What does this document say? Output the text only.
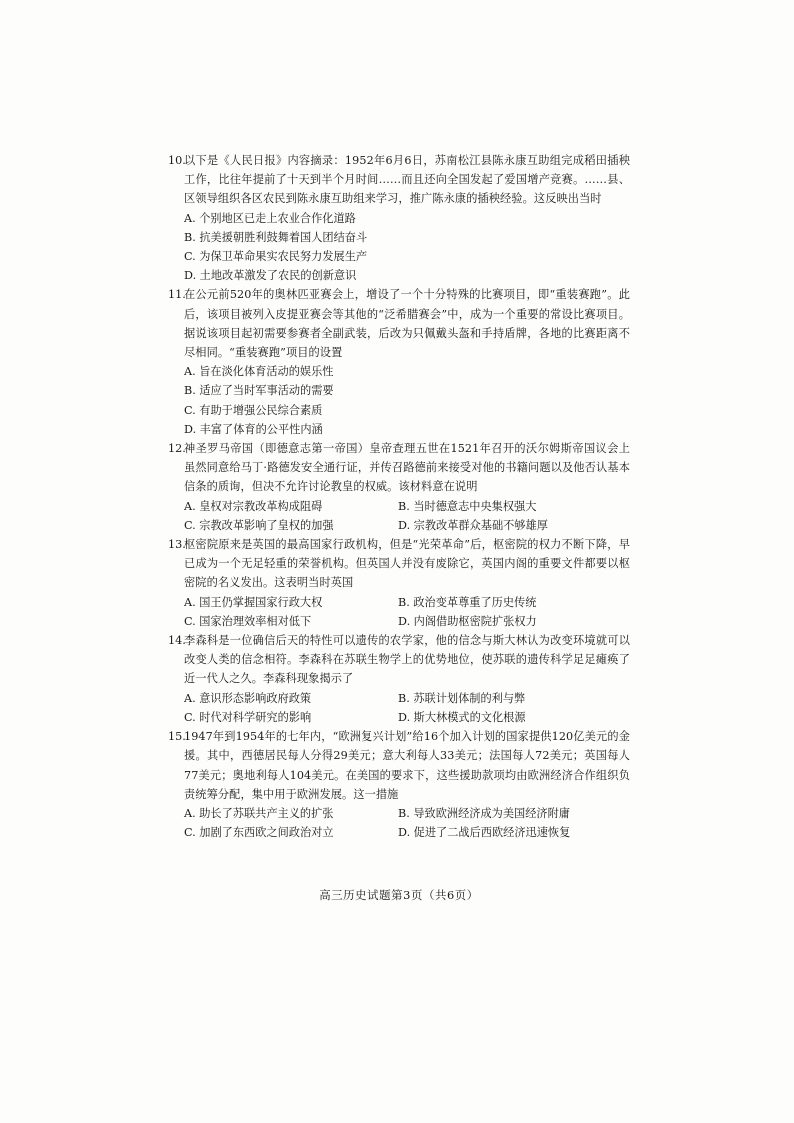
10.
以下是《人民日报》内容摘录：1952年6月6日，苏南松江县陈永康互助组完成稻田插秧工作，比往年提前了十天到半个月时间……而且还向全国发起了爱国增产竞赛。……县、区领导组织各区农民到陈永康互助组来学习，推广陈永康的插秧经验。这反映出当时
A. 个别地区已走上农业合作化道路
B. 抗美援朝胜利鼓舞着国人团结奋斗
C. 为保卫革命果实农民努力发展生产
D. 土地改革激发了农民的创新意识
11.
在公元前520年的奥林匹亚赛会上，增设了一个十分特殊的比赛项目，即“重装赛跑”。此后，该项目被列入皮提亚赛会等其他的“泛希腊赛会”中，成为一个重要的常设比赛项目。据说该项目起初需要参赛者全副武装，后改为只佩戴头盔和手持盾牌，各地的比赛距离不尽相同。“重装赛跑”项目的设置
A. 旨在淡化体育活动的娱乐性
B. 适应了当时军事活动的需要
C. 有助于增强公民综合素质
D. 丰富了体育的公平性内涵
12.
神圣罗马帝国（即德意志第一帝国）皇帝查理五世在1521年召开的沃尔姆斯帝国议会上虽然同意给马丁·路德发安全通行证，并传召路德前来接受对他的书籍问题以及他否认基本信条的质询，但决不允许讨论教皇的权威。该材料意在说明
A. 皇权对宗教改革构成阻碍	B. 当时德意志中央集权强大
C. 宗教改革影响了皇权的加强	D. 宗教改革群众基础不够雄厚
13.
枢密院原来是英国的最高国家行政机构，但是“光荣革命”后，枢密院的权力不断下降，早已成为一个无足轻重的荣誉机构。但英国人并没有废除它，英国内阁的重要文件都要以枢密院的名义发出。这表明当时英国
A. 国王仍掌握国家行政大权	B. 政治变革尊重了历史传统
C. 国家治理效率相对低下	D. 内阁借助枢密院扩张权力
14.
李森科是一位确信后天的特性可以遗传的农学家，他的信念与斯大林认为改变环境就可以改变人类的信念相符。李森科在苏联生物学上的优势地位，使苏联的遗传科学足足瘫痪了近一代人之久。李森科现象揭示了
A. 意识形态影响政府政策	B. 苏联计划体制的利与弊
C. 时代对科学研究的影响	D. 斯大林模式的文化根源
15.
1947年到1954年的七年内，“欧洲复兴计划”给16个加入计划的国家提供120亿美元的金援。其中，西德居民每人分得29美元；意大利每人33美元；法国每人72美元；英国每人77美元；奥地利每人104美元。在美国的要求下，这些援助款项均由欧洲经济合作组织负责统筹分配，集中用于欧洲发展。这一措施
A. 助长了苏联共产主义的扩张	B. 导致欧洲经济成为美国经济附庸
C. 加剧了东西欧之间政治对立	D. 促进了二战后西欧经济迅速恢复
高三历史试题第3页（共6页）
